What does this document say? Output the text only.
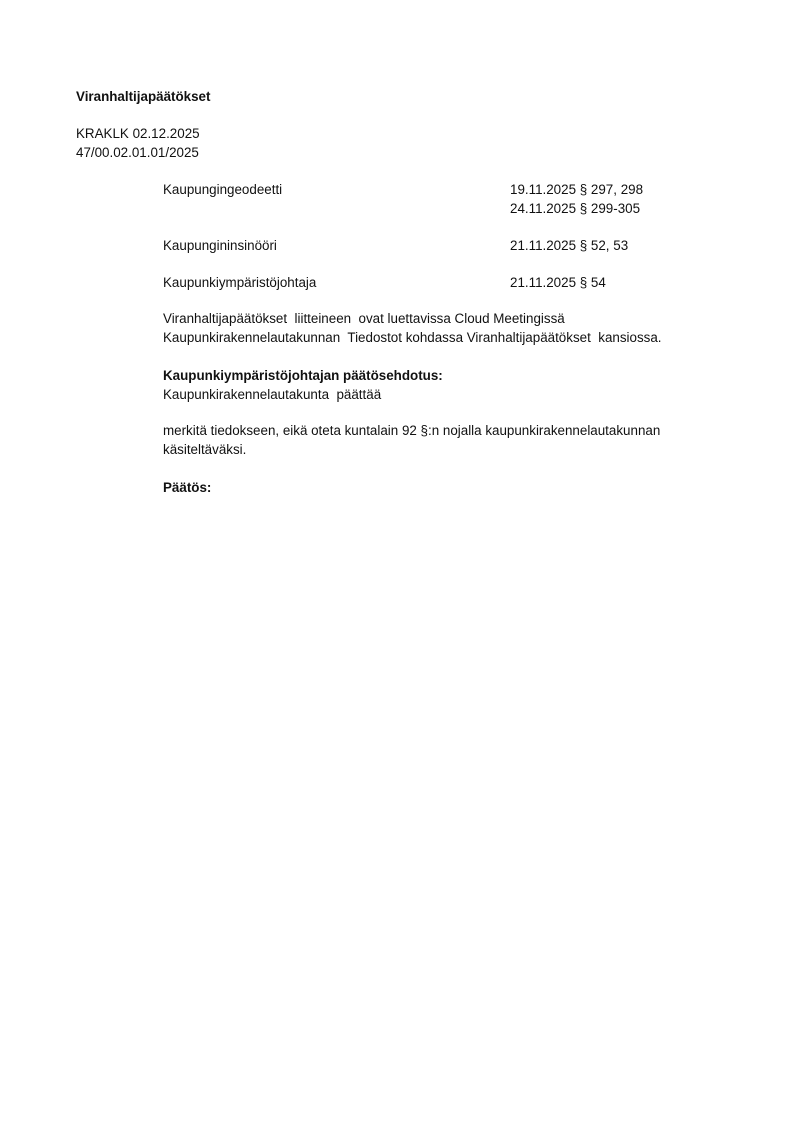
Viranhaltijapäätökset
KRAKLK 02.12.2025
47/00.02.01.01/2025
Kaupungingeodeetti	19.11.2025 § 297, 298
24.11.2025 § 299-305
Kaupungininsinööri	21.11.2025 § 52, 53
Kaupunkiympäristöjohtaja	21.11.2025 § 54
Viranhaltijapäätökset  liitteineen  ovat luettavissa Cloud Meetingissä
Kaupunkirakennelautakunnan  Tiedostot kohdassa Viranhaltijapäätökset  kansiossa.
Kaupunkiympäristöjohtajan päätösehdotus:
Kaupunkirakennelautakunta  päättää
merkitä tiedokseen, eikä oteta kuntalain 92 §:n nojalla kaupunkirakennelautakunnan
käsiteltäväksi.
Päätös:
